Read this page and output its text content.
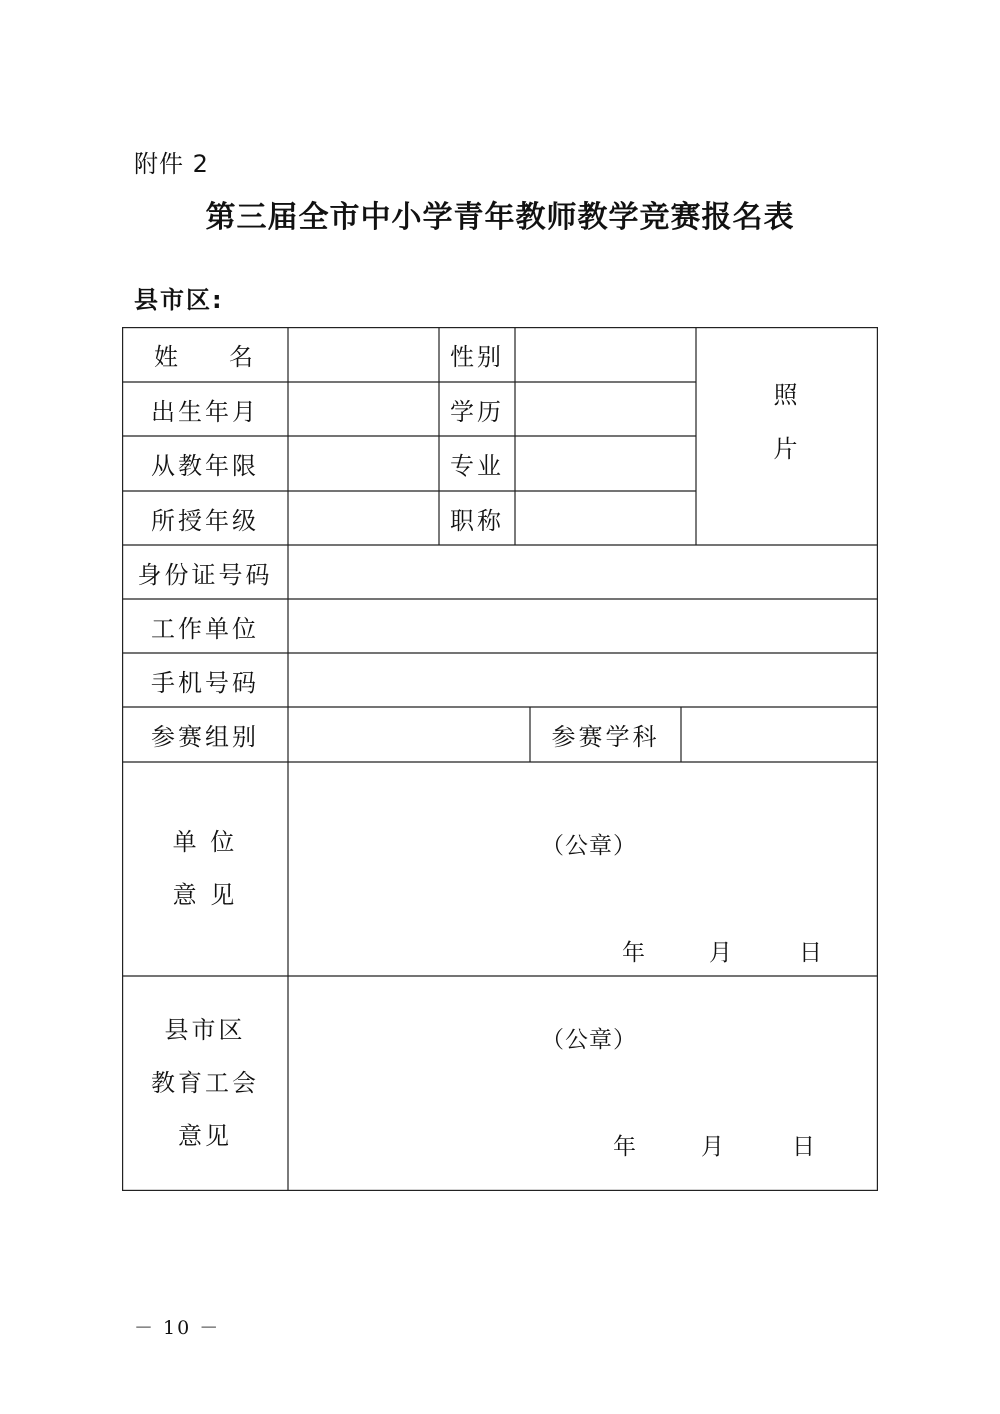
附件 2
第三届全市中小学青年教师教学竞赛报名表
县市区:
姓 名	性别
出生年月	学历
从教年限	专业
所授年级	职称
照
片
身份证号码
工作单位
手机号码
参赛组别	参赛学科
单 位
意 见
（公章）
年	月	日
县市区
教育工会
意见
（公章）
年	月	日
－ 10 －
